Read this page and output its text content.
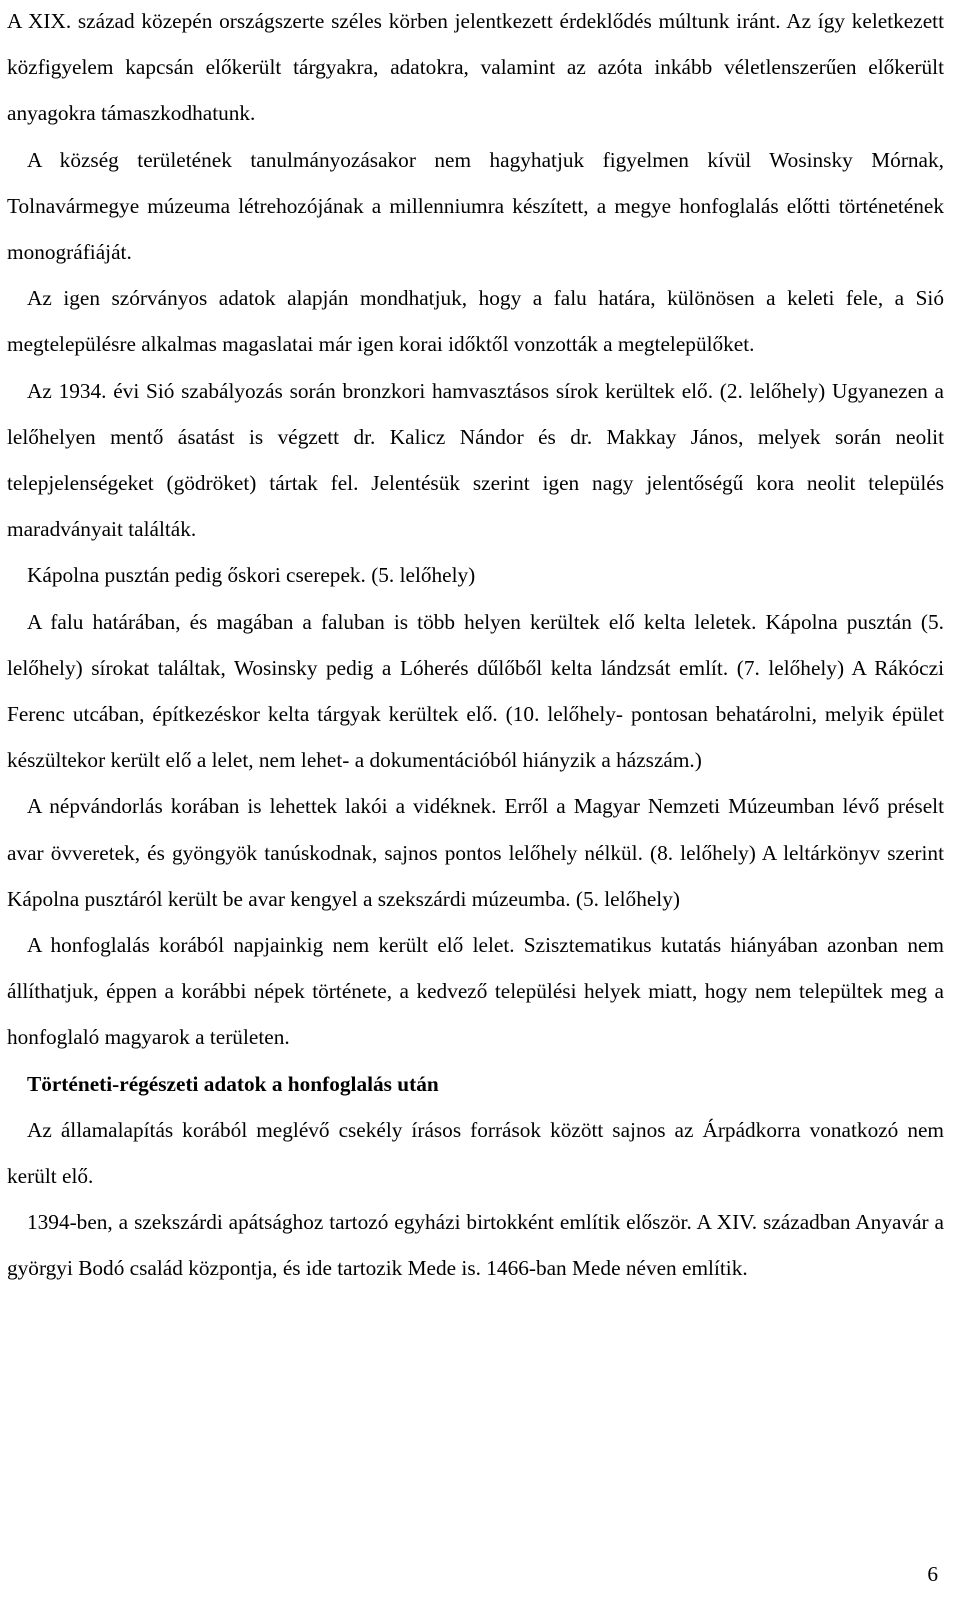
A XIX. század közepén országszerte széles körben jelentkezett érdeklődés múltunk iránt. Az így keletkezett közfigyelem kapcsán előkerült tárgyakra, adatokra, valamint az azóta inkább véletlenszerűen előkerült anyagokra támaszkodhatunk.

A község területének tanulmányozásakor nem hagyhatjuk figyelmen kívül Wosinsky Mórnak, Tolnavármegye múzeuma létrehozójának a millenniumra készített, a megye honfoglalás előtti történetének monográfiáját.

Az igen szórványos adatok alapján mondhatjuk, hogy a falu határa, különösen a keleti fele, a Sió megtelepülésre alkalmas magaslatai már igen korai időktől vonzották a megtelepülőket.

Az 1934. évi Sió szabályozás során bronzkori hamvasztásos sírok kerültek elő. (2. lelőhely) Ugyanezen a lelőhelyen mentő ásatást is végzett dr. Kalicz Nándor és dr. Makkay János, melyek során neolit telepjelenségeket (gödröket) tártak fel. Jelentésük szerint igen nagy jelentőségű kora neolit település maradványait találták.

Kápolna pusztán pedig őskori cserepek. (5. lelőhely)

A falu határában, és magában a faluban is több helyen kerültek elő kelta leletek. Kápolna pusztán (5. lelőhely) sírokat találtak, Wosinsky pedig a Lóherés dűlőből kelta lándzsát említ. (7. lelőhely) A Rákóczi Ferenc utcában, építkezéskor kelta tárgyak kerültek elő. (10. lelőhely- pontosan behatárolni, melyik épület készültekor került elő a lelet, nem lehet- a dokumentációból hiányzik a házszám.)

A népvándorlás korában is lehettek lakói a vidéknek. Erről a Magyar Nemzeti Múzeumban lévő préselt avar övveretek, és gyöngyök tanúskodnak, sajnos pontos lelőhely nélkül. (8. lelőhely) A leltárkönyv szerint Kápolna pusztáról került be avar kengyel a szekszárdi múzeumba. (5. lelőhely)

A honfoglalás korából napjainkig nem került elő lelet. Szisztematikus kutatás hiányában azonban nem állíthatjuk, éppen a korábbi népek története, a kedvező települési helyek miatt, hogy nem települtek meg a honfoglaló magyarok a területen.

Történeti-régészeti adatok a honfoglalás után

Az államalapítás korából meglévő csekély írásos források között sajnos az Árpádkorra vonatkozó nem került elő.

1394-ben, a szekszárdi apátsághoz tartozó egyházi birtokként említik először. A XIV. században Anyavár a györgyi Bodó család központja, és ide tartozik Mede is. 1466-ban Mede néven említik.

6
